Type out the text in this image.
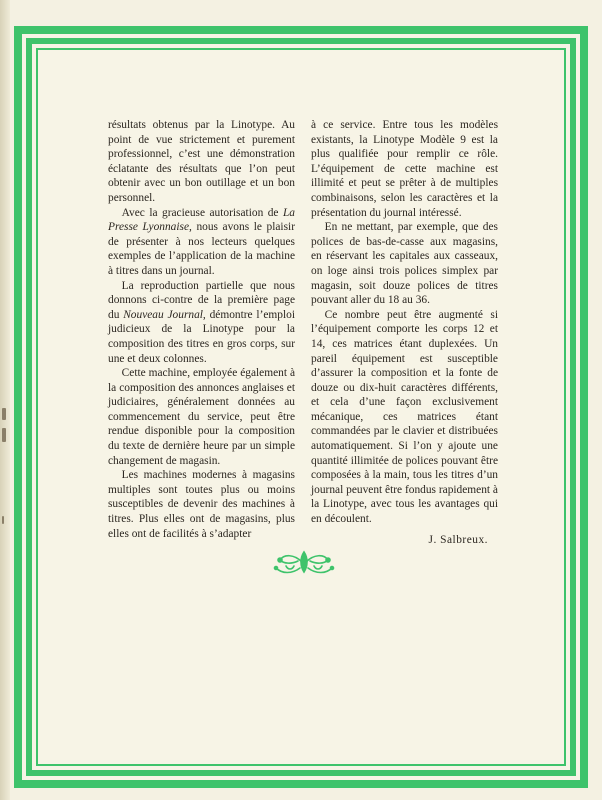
résultats obtenus par la Linotype. Au point de vue strictement et purement professionnel, c’est une démonstration éclatante des résultats que l’on peut obtenir avec un bon outillage et un bon personnel.

Avec la gracieuse autorisation de La Presse Lyonnaise, nous avons le plaisir de présenter à nos lecteurs quelques exemples de l’application de la machine à titres dans un journal.

La reproduction partielle que nous donnons ci-contre de la première page du Nouveau Journal, démontre l’emploi judicieux de la Linotype pour la composition des titres en gros corps, sur une et deux colonnes.

Cette machine, employée également à la composition des annonces anglaises et judiciaires, généralement données au commencement du service, peut être rendue disponible pour la composition du texte de dernière heure par un simple changement de magasin.

Les machines modernes à magasins multiples sont toutes plus ou moins susceptibles de devenir des machines à titres. Plus elles ont de magasins, plus elles ont de facilités à s’adapter

à ce service. Entre tous les modèles existants, la Linotype Modèle 9 est la plus qualifiée pour remplir ce rôle. L’équipement de cette machine est illimité et peut se prêter à de multiples combinaisons, selon les caractères et la présentation du journal intéressé.

En ne mettant, par exemple, que des polices de bas-de-casse aux magasins, en réservant les capitales aux casseaux, on loge ainsi trois polices simplex par magasin, soit douze polices de titres pouvant aller du 18 au 36.

Ce nombre peut être augmenté si l’équipement comporte les corps 12 et 14, ces matrices étant duplexées. Un pareil équipement est susceptible d’assurer la composition et la fonte de douze ou dix-huit caractères différents, et cela d’une façon exclusivement mécanique, ces matrices étant commandées par le clavier et distribuées automatiquement. Si l’on y ajoute une quantité illimitée de polices pouvant être composées à la main, tous les titres d’un journal peuvent être fondus rapidement à la Linotype, avec tous les avantages qui en découlent.

J. Salbreux.
